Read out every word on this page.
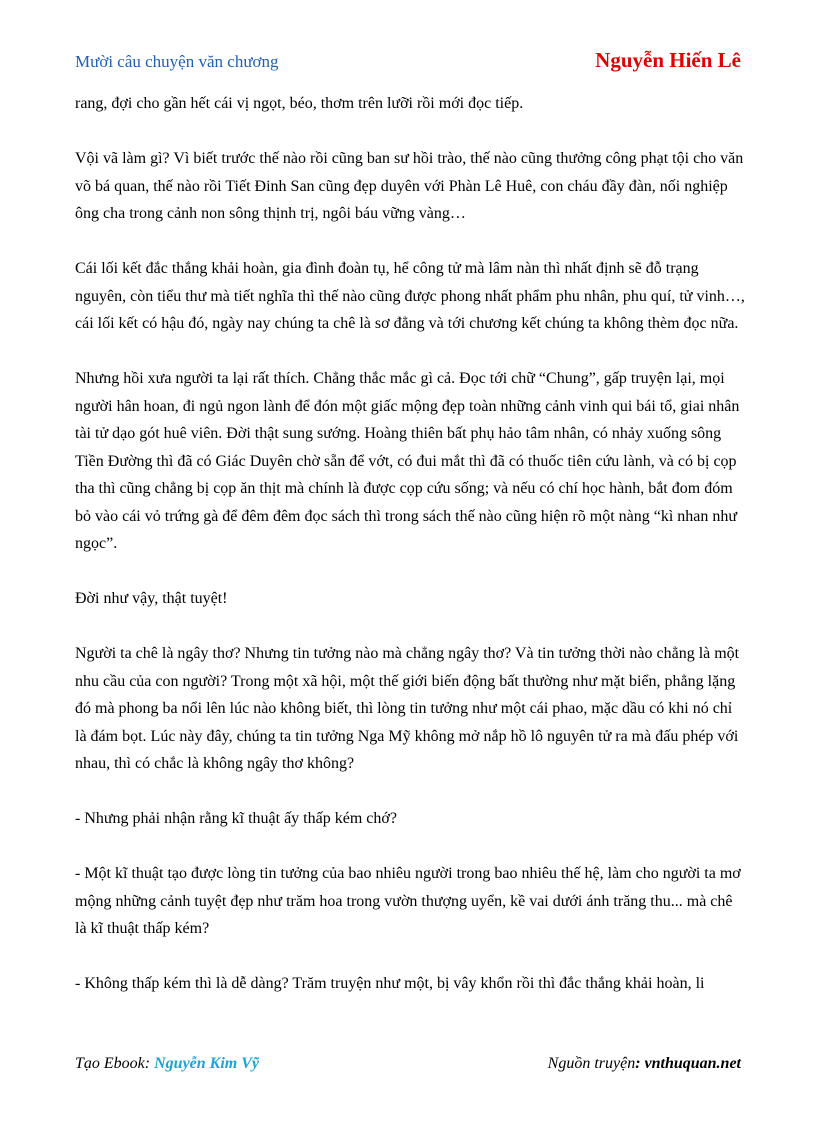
Mười câu chuyện văn chương	Nguyễn Hiến Lê

rang, đợi cho gần hết cái vị ngọt, béo, thơm trên lưỡi rồi mới đọc tiếp.

Vội vã làm gì? Vì biết trước thế nào rồi cũng ban sư hồi trào, thế nào cũng thưởng công phạt tội cho văn võ bá quan, thế nào rồi Tiết Đinh San cũng đẹp duyên với Phàn Lê Huê, con cháu đầy đàn, nối nghiệp ông cha trong cảnh non sông thịnh trị, ngôi báu vững vàng…

Cái lối kết đắc thắng khải hoàn, gia đình đoàn tụ, hể công tử mà lâm nàn thì nhất định sẽ đỗ trạng nguyên, còn tiểu thư mà tiết nghĩa thì thế nào cũng được phong nhất phẩm phu nhân, phu quí, tử vinh…, cái lối kết có hậu đó, ngày nay chúng ta chê là sơ đẳng và tới chương kết chúng ta không thèm đọc nữa.

Nhưng hồi xưa người ta lại rất thích. Chẳng thắc mắc gì cả. Đọc tới chữ “Chung”, gấp truyện lại, mọi người hân hoan, đi ngủ ngon lành để đón một giấc mộng đẹp toàn những cảnh vinh qui bái tổ, giai nhân tài tử dạo gót huê viên. Đời thật sung sướng. Hoàng thiên bất phụ hảo tâm nhân, có nhảy xuống sông Tiền Đường thì đã có Giác Duyên chờ sẵn để vớt, có đui mắt thì đã có thuốc tiên cứu lành, và có bị cọp tha thì cũng chẳng bị cọp ăn thịt mà chính là được cọp cứu sống; và nếu có chí học hành, bắt đom đóm bỏ vào cái vỏ trứng gà để đêm đêm đọc sách thì trong sách thế nào cũng hiện rõ một nàng “kì nhan như ngọc”.

Đời như vậy, thật tuyệt!

Người ta chê là ngây thơ? Nhưng tin tưởng nào mà chẳng ngây thơ? Và tin tưởng thời nào chẳng là một nhu cầu của con người? Trong một xã hội, một thế giới biến động bất thường như mặt biển, phẳng lặng đó mà phong ba nổi lên lúc nào không biết, thì lòng tin tưởng như một cái phao, mặc dầu có khi nó chỉ là đám bọt. Lúc này đây, chúng ta tin tưởng Nga Mỹ không mở nắp hồ lô nguyên tử ra mà đấu phép với nhau, thì có chắc là không ngây thơ không?

- Nhưng phải nhận rằng kĩ thuật ấy thấp kém chớ?

- Một kĩ thuật tạo được lòng tin tưởng của bao nhiêu người trong bao nhiêu thế hệ, làm cho người ta mơ mộng những cảnh tuyệt đẹp như trăm hoa trong vườn thượng uyển, kề vai dưới ánh trăng thu... mà chê là kĩ thuật thấp kém?

- Không thấp kém thì là dễ dàng? Trăm truyện như một, bị vây khổn rồi thì đắc thắng khải hoàn, li

Tạo Ebook: Nguyễn Kim Vỹ	Nguồn truyện: vnthuquan.net
